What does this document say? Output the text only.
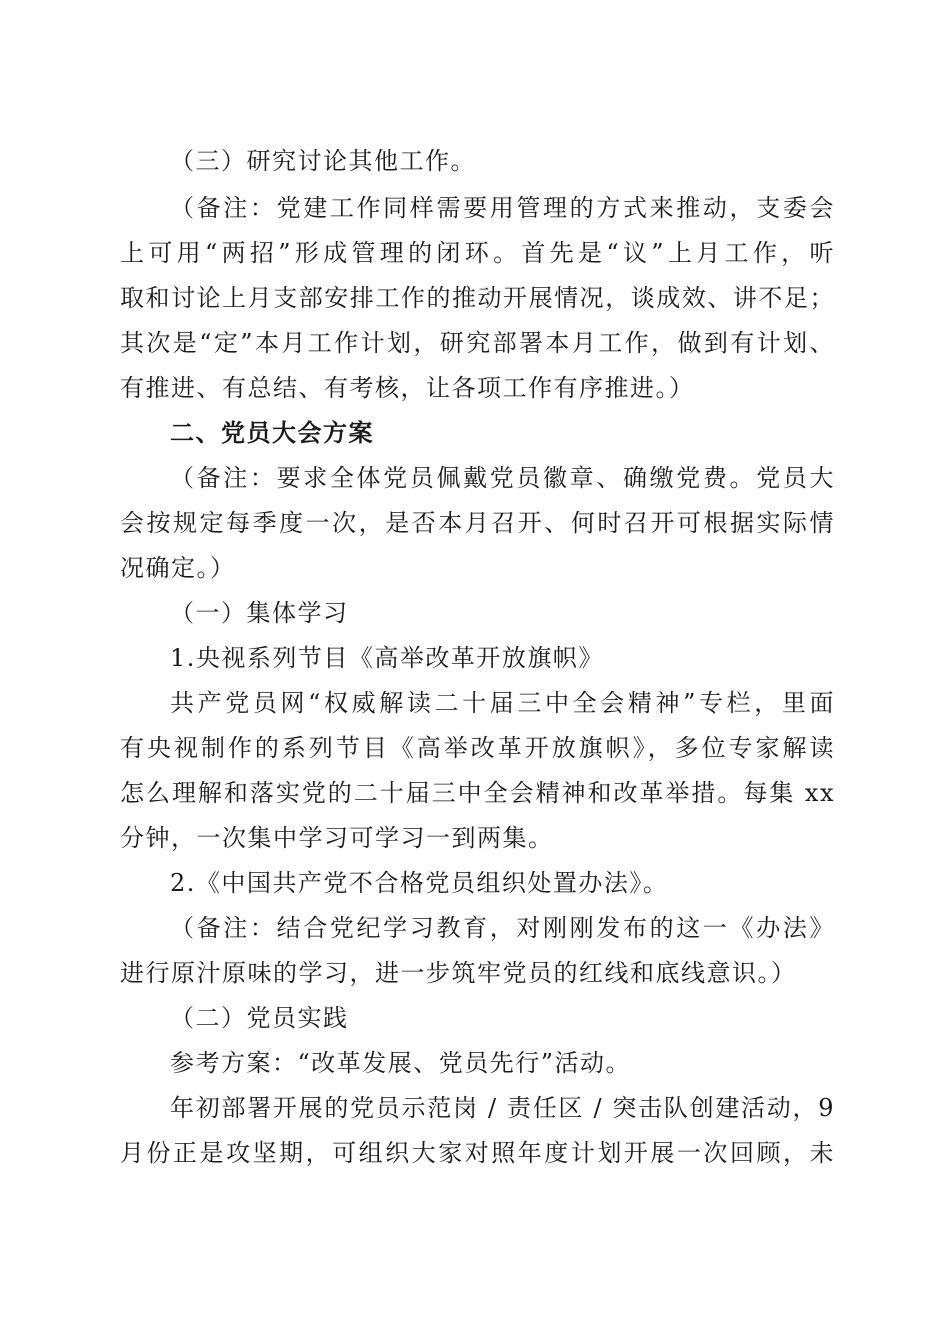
（三）研究讨论其他工作。
（备注：党建工作同样需要用管理的方式来推动，支委会
上可用“两招”形成管理的闭环。首先是“议”上月工作，听
取和讨论上月支部安排工作的推动开展情况，谈成效、讲不足；
其次是“定”本月工作计划，研究部署本月工作，做到有计划、
有推进、有总结、有考核，让各项工作有序推进。）
二、党员大会方案
（备注：要求全体党员佩戴党员徽章、确缴党费。党员大
会按规定每季度一次，是否本月召开、何时召开可根据实际情
况确定。）
（一）集体学习
1.央视系列节目《高举改革开放旗帜》
共产党员网“权威解读二十届三中全会精神”专栏，里面
有央视制作的系列节目《高举改革开放旗帜》，多位专家解读
怎么理解和落实党的二十届三中全会精神和改革举措。每集 xx
分钟，一次集中学习可学习一到两集。
2.《中国共产党不合格党员组织处置办法》。
（备注：结合党纪学习教育，对刚刚发布的这一《办法》
进行原汁原味的学习，进一步筑牢党员的红线和底线意识。）
（二）党员实践
参考方案：“改革发展、党员先行”活动。
年初部署开展的党员示范岗 / 责任区 / 突击队创建活动，9
月份正是攻坚期，可组织大家对照年度计划开展一次回顾，未
